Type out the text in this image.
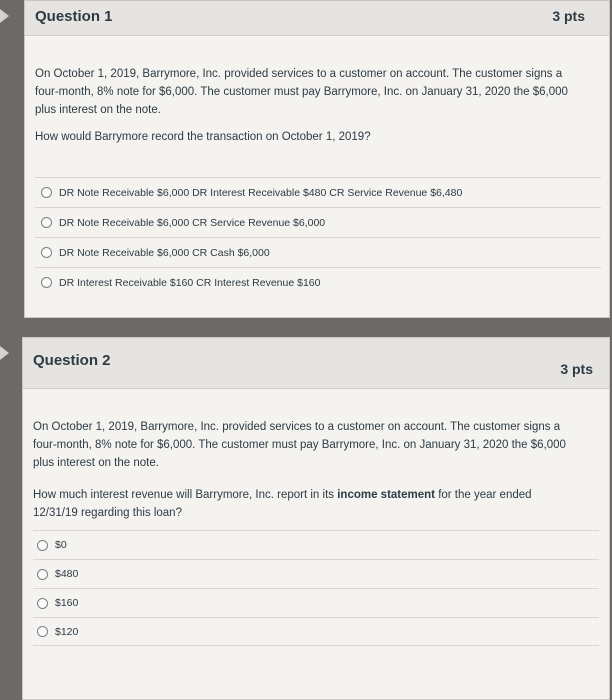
Question 1	3 pts

On October 1, 2019, Barrymore, Inc. provided services to a customer on account. The customer signs a four-month, 8% note for $6,000. The customer must pay Barrymore, Inc. on January 31, 2020 the $6,000 plus interest on the note.

How would Barrymore record the transaction on October 1, 2019?

DR Note Receivable $6,000 DR Interest Receivable $480 CR Service Revenue $6,480
DR Note Receivable $6,000 CR Service Revenue $6,000
DR Note Receivable $6,000 CR Cash $6,000
DR Interest Receivable $160 CR Interest Revenue $160
Question 2	3 pts

On October 1, 2019, Barrymore, Inc. provided services to a customer on account. The customer signs a four-month, 8% note for $6,000. The customer must pay Barrymore, Inc. on January 31, 2020 the $6,000 plus interest on the note.

How much interest revenue will Barrymore, Inc. report in its income statement for the year ended 12/31/19 regarding this loan?

$0
$480
$160
$120
